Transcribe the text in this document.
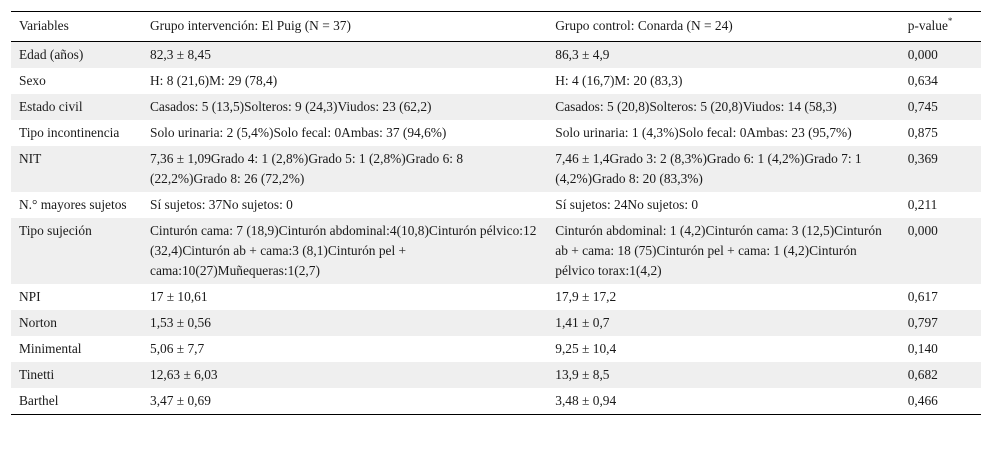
Variables	Grupo intervención: El Puig (N = 37)	Grupo control: Conarda (N = 24)	p-value*
Edad (años)	82,3 ± 8,45	86,3 ± 4,9	0,000
Sexo	H: 8 (21,6)M: 29 (78,4)	H: 4 (16,7)M: 20 (83,3)	0,634
Estado civil	Casados: 5 (13,5)Solteros: 9 (24,3)Viudos: 23 (62,2)	Casados: 5 (20,8)Solteros: 5 (20,8)Viudos: 14 (58,3)	0,745
Tipo incontinencia	Solo urinaria: 2 (5,4%)Solo fecal: 0Ambas: 37 (94,6%)	Solo urinaria: 1 (4,3%)Solo fecal: 0Ambas: 23 (95,7%)	0,875
NIT	7,36 ± 1,09Grado 4: 1 (2,8%)Grado 5: 1 (2,8%)Grado 6: 8 (22,2%)Grado 8: 26 (72,2%)	7,46 ± 1,4Grado 3: 2 (8,3%)Grado 6: 1 (4,2%)Grado 7: 1 (4,2%)Grado 8: 20 (83,3%)	0,369
N.° mayores sujetos	Sí sujetos: 37No sujetos: 0	Sí sujetos: 24No sujetos: 0	0,211
Tipo sujeción	Cinturón cama: 7 (18,9)Cinturón abdominal:4(10,8)Cinturón pélvico:12 (32,4)Cinturón ab + cama:3 (8,1)Cinturón pel + cama:10(27)Muñequeras:1(2,7)	Cinturón abdominal: 1 (4,2)Cinturón cama: 3 (12,5)Cinturón ab + cama: 18 (75)Cinturón pel + cama: 1 (4,2)Cinturón pélvico torax:1(4,2)	0,000
NPI	17 ± 10,61	17,9 ± 17,2	0,617
Norton	1,53 ± 0,56	1,41 ± 0,7	0,797
Minimental	5,06 ± 7,7	9,25 ± 10,4	0,140
Tinetti	12,63 ± 6,03	13,9 ± 8,5	0,682
Barthel	3,47 ± 0,69	3,48 ± 0,94	0,466
